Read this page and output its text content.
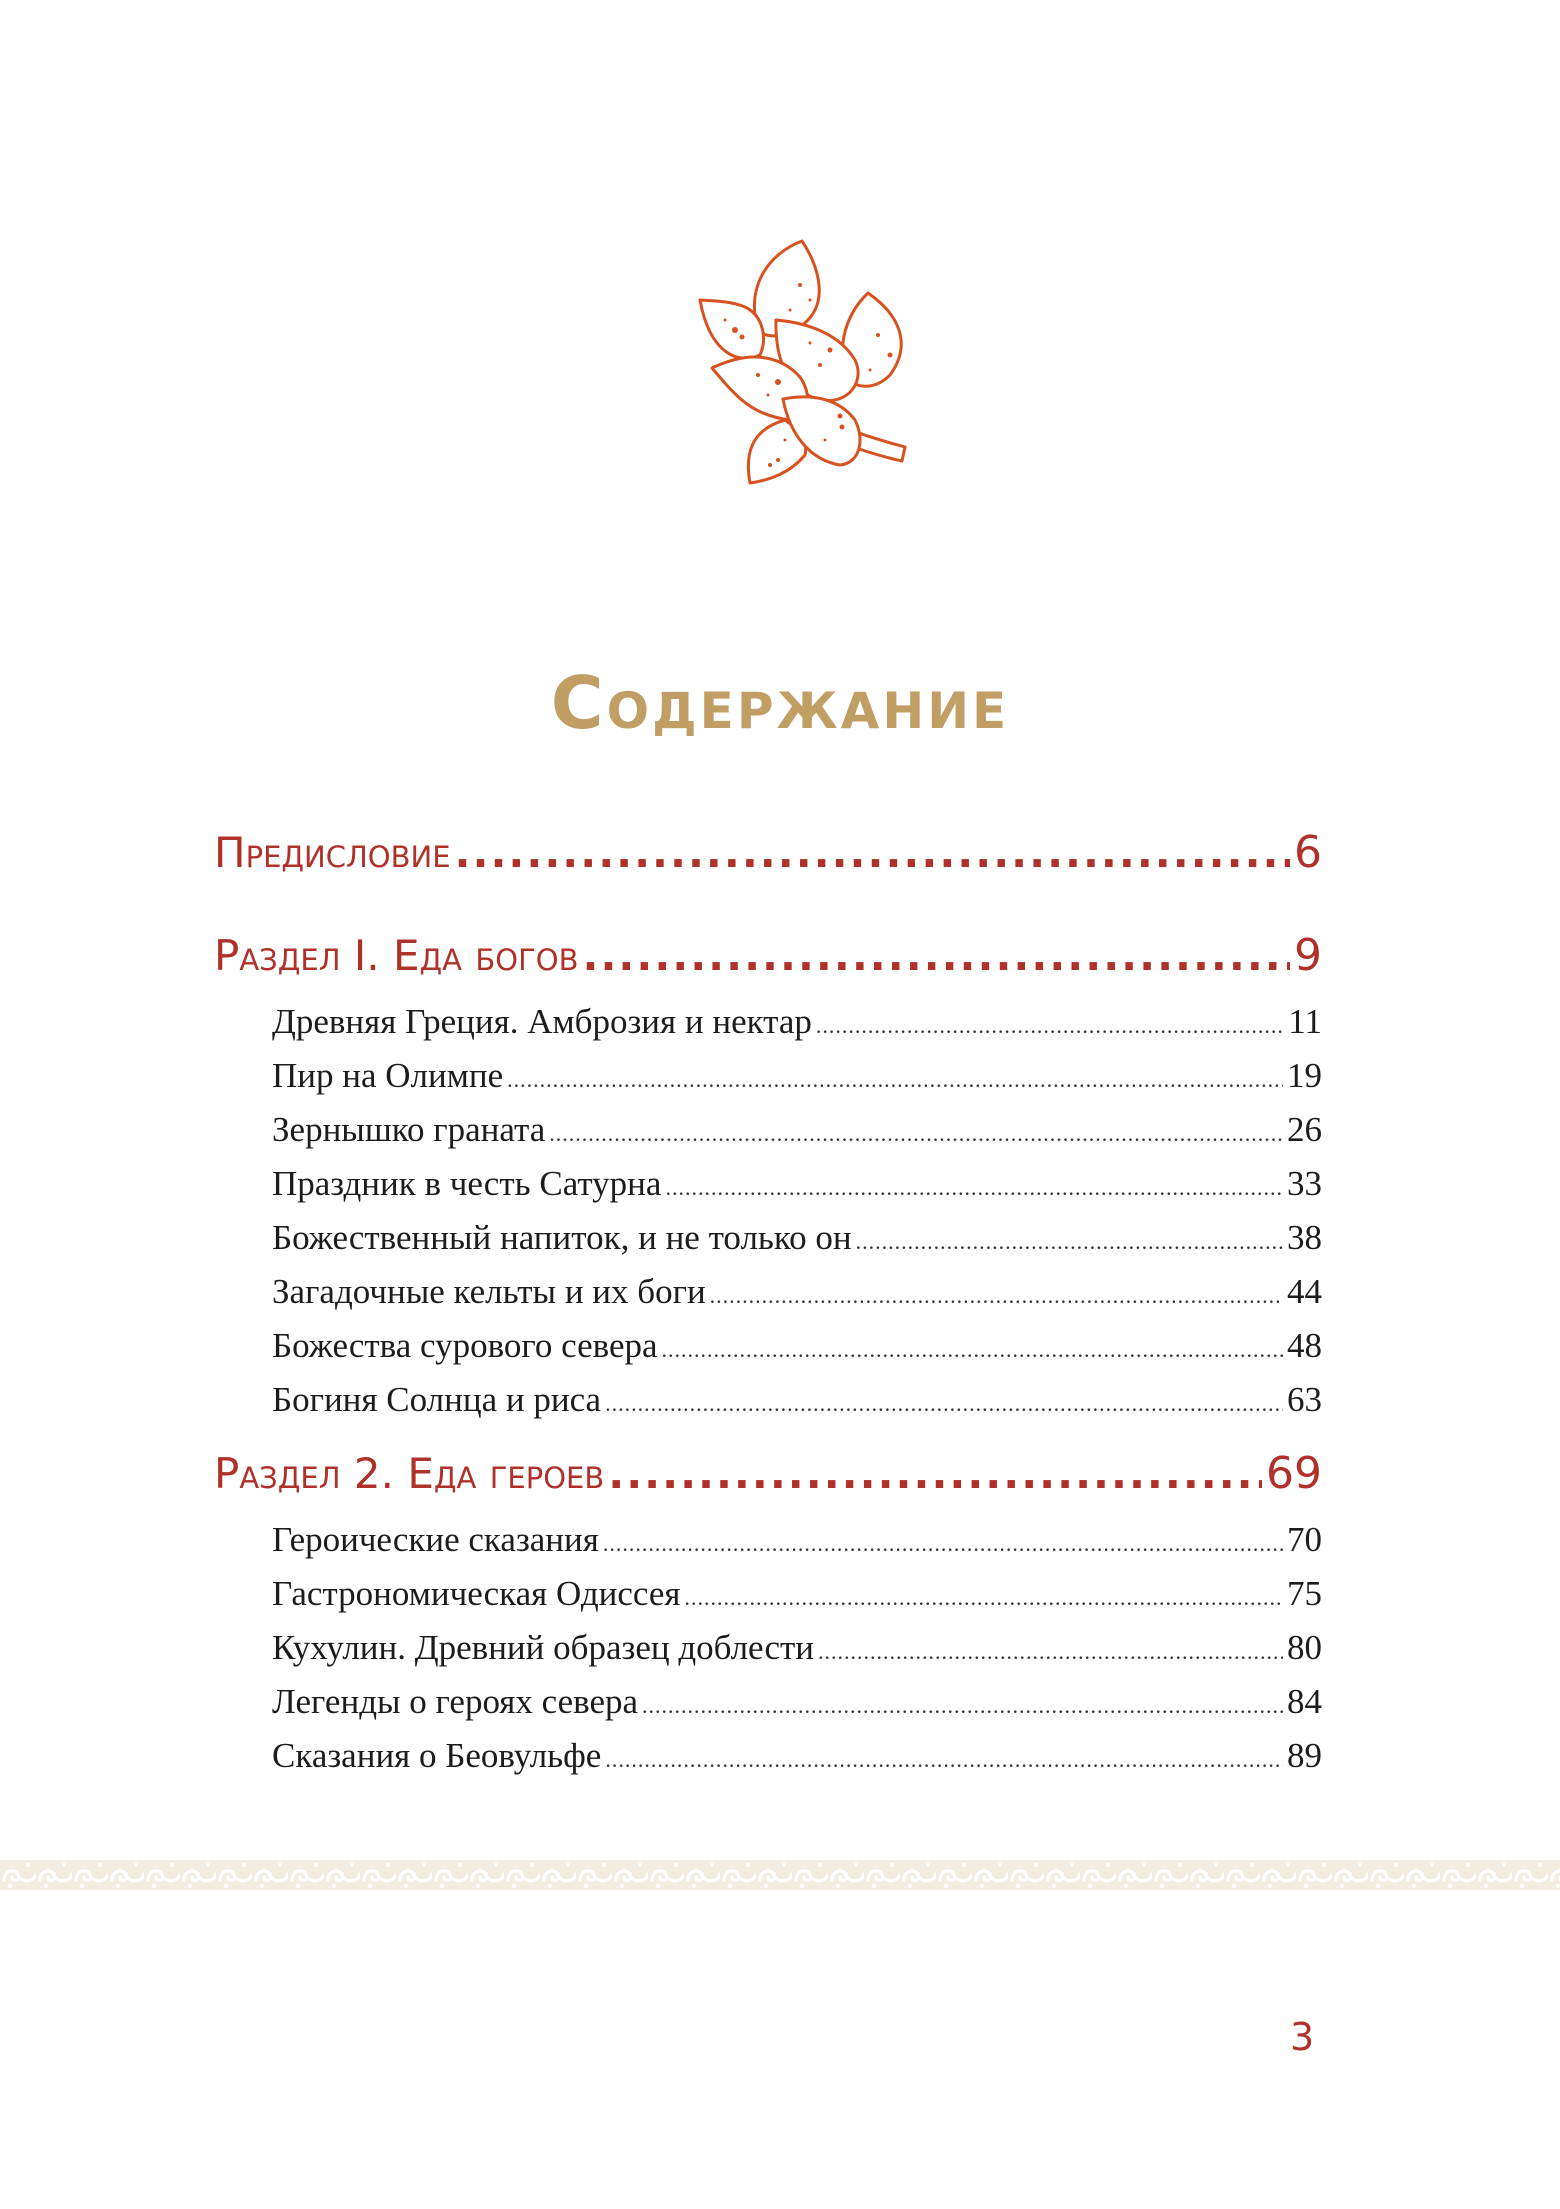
Содержание
Предисловие .....	6
Раздел I. Еда богов .....	9
Древняя Греция. Амброзия и нектар .....	11
Пир на Олимпе .....	19
Зернышко граната .....	26
Праздник в честь Сатурна .....	33
Божественный напиток, и не только он .....	38
Загадочные кельты и их боги .....	44
Божества сурового севера .....	48
Богиня Солнца и риса .....	63
Раздел 2. Еда героев .....	69
Героические сказания .....	70
Гастрономическая Одиссея .....	75
Кухулин. Древний образец доблести .....	80
Легенды о героях севера .....	84
Сказания о Беовульфе .....	89
3
